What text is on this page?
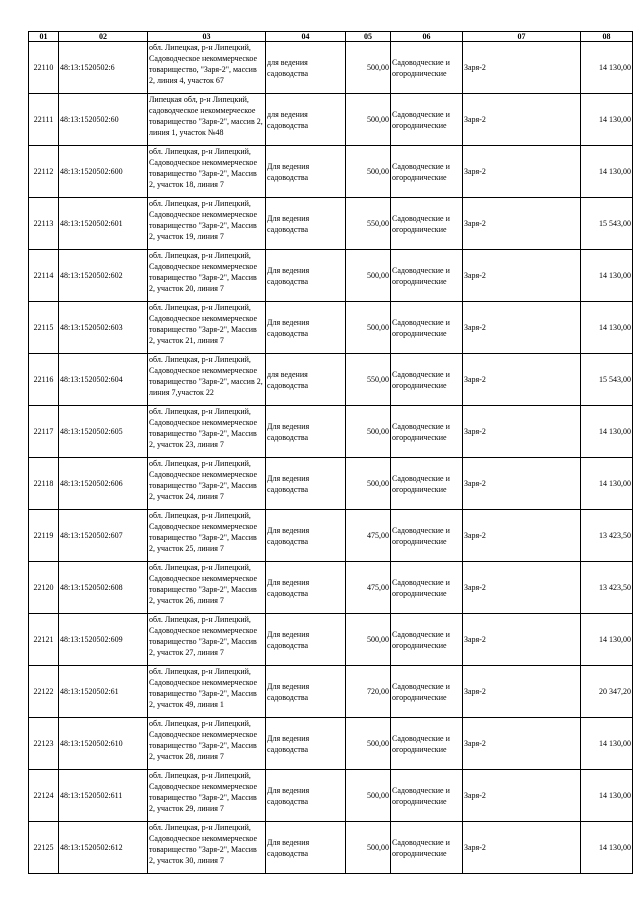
01	02	03	04	05	06	07	08
22110	48:13:1520502:6	обл. Липецкая, р-н Липецкий, Садоводческое некоммерческое товарищество, "Заря-2", массив 2, линия 4, участок 67	для ведения садоводства	500,00	Садоводческие и огороднические	Заря-2	14 130,00
22111	48:13:1520502:60	Липецкая обл, р-н Липецкий, садоводческое некоммерческое товарищество "Заря-2", массив 2, линия 1, участок №48	для ведения садоводства	500,00	Садоводческие и огороднические	Заря-2	14 130,00
22112	48:13:1520502:600	обл. Липецкая, р-н Липецкий, Садоводческое некоммерческое товарищество "Заря-2", Массив 2, участок 18, линия 7	Для ведения садоводства	500,00	Садоводческие и огороднические	Заря-2	14 130,00
22113	48:13:1520502:601	обл. Липецкая, р-н Липецкий, Садоводческое некоммерческое товарищество "Заря-2", Массив 2, участок 19, линия 7	Для ведения садоводства	550,00	Садоводческие и огороднические	Заря-2	15 543,00
22114	48:13:1520502:602	обл. Липецкая, р-н Липецкий, Садоводческое некоммерческое товарищество "Заря-2", Массив 2, участок 20, линия 7	Для ведения садоводства	500,00	Садоводческие и огороднические	Заря-2	14 130,00
22115	48:13:1520502:603	обл. Липецкая, р-н Липецкий, Садоводческое некоммерческое товарищество "Заря-2", Массив 2, участок 21, линия 7	Для ведения садоводства	500,00	Садоводческие и огороднические	Заря-2	14 130,00
22116	48:13:1520502:604	обл. Липецкая, р-н Липецкий, Садоводческое некоммерческое товарищество "Заря-2", массив 2, линия 7,участок 22	для ведения садоводства	550,00	Садоводческие и огороднические	Заря-2	15 543,00
22117	48:13:1520502:605	обл. Липецкая, р-н Липецкий, Садоводческое некоммерческое товарищество "Заря-2", Массив 2, участок 23, линия 7	Для ведения садоводства	500,00	Садоводческие и огороднические	Заря-2	14 130,00
22118	48:13:1520502:606	обл. Липецкая, р-н Липецкий, Садоводческое некоммерческое товарищество "Заря-2", Массив 2, участок 24, линия 7	Для ведения садоводства	500,00	Садоводческие и огороднические	Заря-2	14 130,00
22119	48:13:1520502:607	обл. Липецкая, р-н Липецкий, Садоводческое некоммерческое товарищество "Заря-2", Массив 2, участок 25, линия 7	Для ведения садоводства	475,00	Садоводческие и огороднические	Заря-2	13 423,50
22120	48:13:1520502:608	обл. Липецкая, р-н Липецкий, Садоводческое некоммерческое товарищество "Заря-2", Массив 2, участок 26, линия 7	Для ведения садоводства	475,00	Садоводческие и огороднические	Заря-2	13 423,50
22121	48:13:1520502:609	обл. Липецкая, р-н Липецкий, Садоводческое некоммерческое товарищество "Заря-2", Массив 2, участок 27, линия 7	Для ведения садоводства	500,00	Садоводческие и огороднические	Заря-2	14 130,00
22122	48:13:1520502:61	обл. Липецкая, р-н Липецкий, Садоводческое некоммерческое товарищество "Заря-2", Массив 2, участок 49, линия 1	Для ведения садоводства	720,00	Садоводческие и огороднические	Заря-2	20 347,20
22123	48:13:1520502:610	обл. Липецкая, р-н Липецкий, Садоводческое некоммерческое товарищество "Заря-2", Массив 2, участок 28, линия 7	Для ведения садоводства	500,00	Садоводческие и огороднические	Заря-2	14 130,00
22124	48:13:1520502:611	обл. Липецкая, р-н Липецкий, Садоводческое некоммерческое товарищество "Заря-2", Массив 2, участок 29, линия 7	Для ведения садоводства	500,00	Садоводческие и огороднические	Заря-2	14 130,00
22125	48:13:1520502:612	обл. Липецкая, р-н Липецкий, Садоводческое некоммерческое товарищество "Заря-2", Массив 2, участок 30, линия 7	Для ведения садоводства	500,00	Садоводческие и огороднические	Заря-2	14 130,00
